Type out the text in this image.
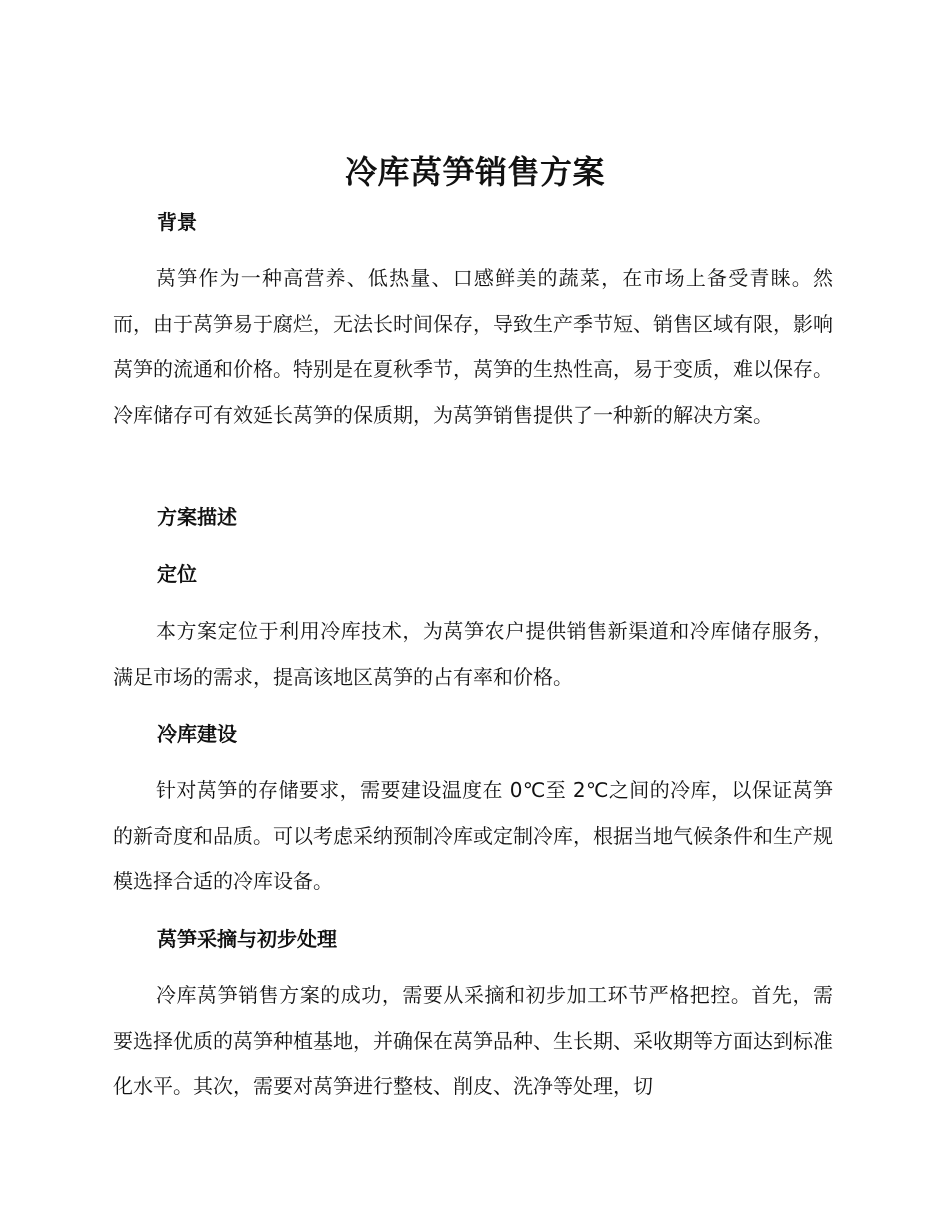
冷库莴笋销售方案
背景

莴笋作为一种高营养、低热量、口感鲜美的蔬菜，在市场上备受青睐。然而，由于莴笋易于腐烂，无法长时间保存，导致生产季节短、销售区域有限，影响莴笋的流通和价格。特别是在夏秋季节，莴笋的生热性高，易于变质，难以保存。冷库储存可有效延长莴笋的保质期，为莴笋销售提供了一种新的解决方案。

方案描述
定位

本方案定位于利用冷库技术，为莴笋农户提供销售新渠道和冷库储存服务，满足市场的需求，提高该地区莴笋的占有率和价格。

冷库建设

针对莴笋的存储要求，需要建设温度在 0℃至 2℃之间的冷库，以保证莴笋的新奇度和品质。可以考虑采纳预制冷库或定制冷库，根据当地气候条件和生产规模选择合适的冷库设备。

莴笋采摘与初步处理

冷库莴笋销售方案的成功，需要从采摘和初步加工环节严格把控。首先，需要选择优质的莴笋种植基地，并确保在莴笋品种、生长期、采收期等方面达到标准化水平。其次，需要对莴笋进行整枝、削皮、洗净等处理，切
